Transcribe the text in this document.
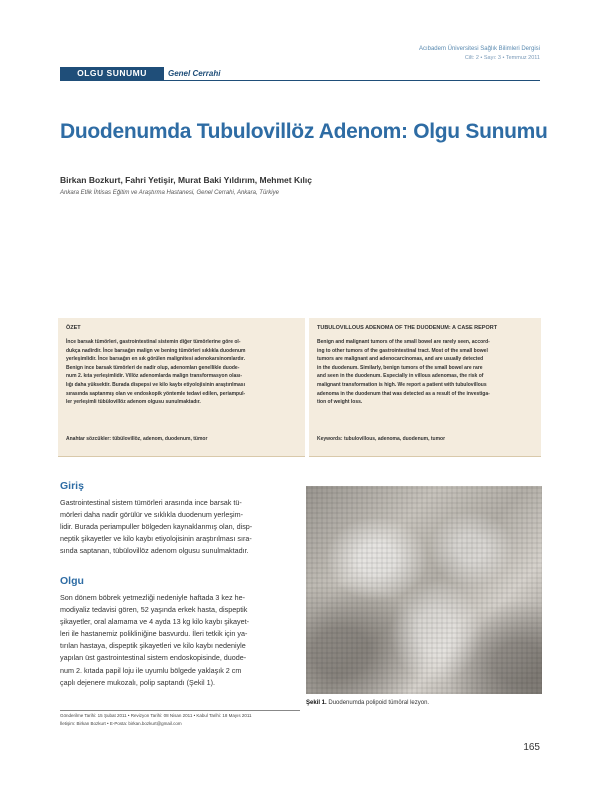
Acıbadem Üniversitesi Sağlık Bilimleri Dergisi
Cilt: 2 • Sayı: 3 • Temmuz 2011
OLGU SUNUMU	Genel Cerrahi
Duodenumda Tubulovillöz Adenom: Olgu Sunumu
Birkan Bozkurt, Fahri Yetişir, Murat Baki Yıldırım, Mehmet Kılıç
Ankara Etlik İhtisas Eğitim ve Araştırma Hastanesi, Genel Cerrahi, Ankara, Türkiye
ÖZET
İnce barsak tümörleri, gastrointestinal sistemin diğer tümörlerine göre ol-
dukça nadirdir. İnce barsağın malign ve bening tümörleri sıklıkla duodenum
yerleşimlidir. İnce barsağın en sık görülen malignitesi adenokarsinomlardır.
Benign ince barsak tümörleri de nadir olup, adenomları genellikle duode-
num 2. kıta yerleşimlidir. Villöz adenomlarda malign transformasyon olası-
lığı daha yüksektir. Burada dispepsi ve kilo kaybı etiyolojisinin araştırılması
sırasında saptanmış olan ve endoskopik yöntemle tedavi edilen, periampul-
ler yerleşimli tübülovillöz adenom olgusu sunulmaktadır.
Anahtar sözcükler: tübülovillöz, adenom, duodenum, tümor
TUBULOVILLOUS ADENOMA OF THE DUODENUM: A CASE REPORT
Benign and malignant tumors of the small bowel are rarely seen, accord-
ing to other tumors of the gastrointestinal tract. Most of the small bowel
tumors are malignant and adenocarcinomas, and are usually detected
in the duodenum. Similarly, benign tumors of the small bowel are rare
and seen in the duodenum. Especially in villous adenomas, the risk of
malignant transformation is high. We report a patient with tubulovillous
adenoma in the duodenum that was detected as a result of the investiga-
tion of weight loss.
Keywords: tubulovillous, adenoma, duodenum, tumor
Giriş
Gastrointestinal sistem tümörleri arasında ince barsak tü-
mörleri daha nadir görülür ve sıklıkla duodenum yerleşim-
lidir. Burada periampuller bölgeden kaynaklanmış olan, disp-
neptik şikayetler ve kilo kaybı etiyolojisinin araştırılması sıra-
sında saptanan, tübülovillöz adenom olgusu sunulmaktadır.
Olgu
Son dönem böbrek yetmezliği nedeniyle haftada 3 kez he-
modiyaliz tedavisi gören, 52 yaşında erkek hasta, dispeptik
şikayetler, oral alamama ve 4 ayda 13 kg kilo kaybı şikayet-
leri ile hastanemiz polikliniğine basvurdu. İleri tetkik için ya-
tırılan hastaya, dispeptik şikayetleri ve kilo kaybı nedeniyle
yapılan üst gastrointestinal sistem endoskopisinde, duode-
num 2. kıtada papil loju ile uyumlu bölgede yaklaşık 2 cm
çaplı dejenere mukozalı, polip saptandı (Şekil 1).
Şekil 1. Duodenumda polipoid tümöral lezyon.
Gönderilme Tarihi: 15 Şubat 2011 • Revizyon Tarihi: 08 Nisan 2011 • Kabul Tarihi: 18 Mayıs 2011
İletişim: Birkan Bozkurt • E-Posta: birkan.bozkurt@gmail.com
165
